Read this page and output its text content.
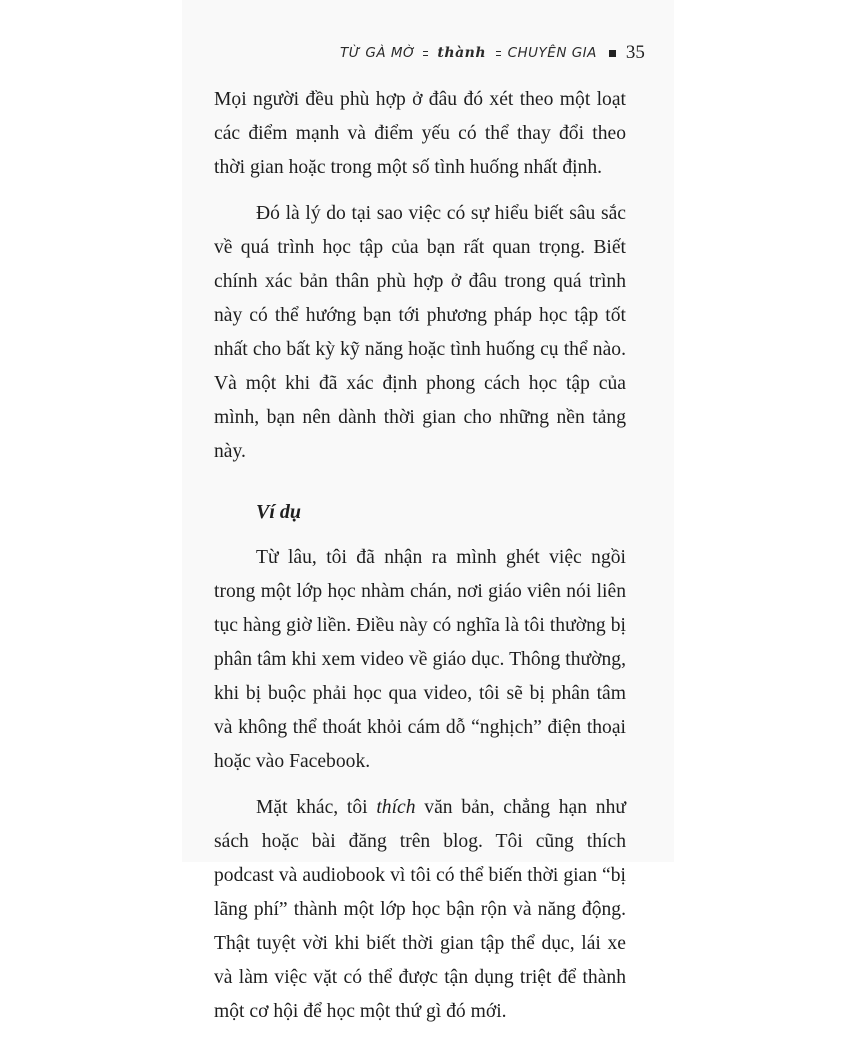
TỪ GÀ MỜ thành CHUYÊN GIA 35

Mọi người đều phù hợp ở đâu đó xét theo một loạt các điểm mạnh và điểm yếu có thể thay đổi theo thời gian hoặc trong một số tình huống nhất định.

Đó là lý do tại sao việc có sự hiểu biết sâu sắc về quá trình học tập của bạn rất quan trọng. Biết chính xác bản thân phù hợp ở đâu trong quá trình này có thể hướng bạn tới phương pháp học tập tốt nhất cho bất kỳ kỹ năng hoặc tình huống cụ thể nào. Và một khi đã xác định phong cách học tập của mình, bạn nên dành thời gian cho những nền tảng này.

Ví dụ

Từ lâu, tôi đã nhận ra mình ghét việc ngồi trong một lớp học nhàm chán, nơi giáo viên nói liên tục hàng giờ liền. Điều này có nghĩa là tôi thường bị phân tâm khi xem video về giáo dục. Thông thường, khi bị buộc phải học qua video, tôi sẽ bị phân tâm và không thể thoát khỏi cám dỗ “nghịch” điện thoại hoặc vào Facebook.

Mặt khác, tôi thích văn bản, chẳng hạn như sách hoặc bài đăng trên blog. Tôi cũng thích podcast và audiobook vì tôi có thể biến thời gian “bị lãng phí” thành một lớp học bận rộn và năng động. Thật tuyệt vời khi biết thời gian tập thể dục, lái xe và làm việc vặt có thể được tận dụng triệt để thành một cơ hội để học một thứ gì đó mới.
